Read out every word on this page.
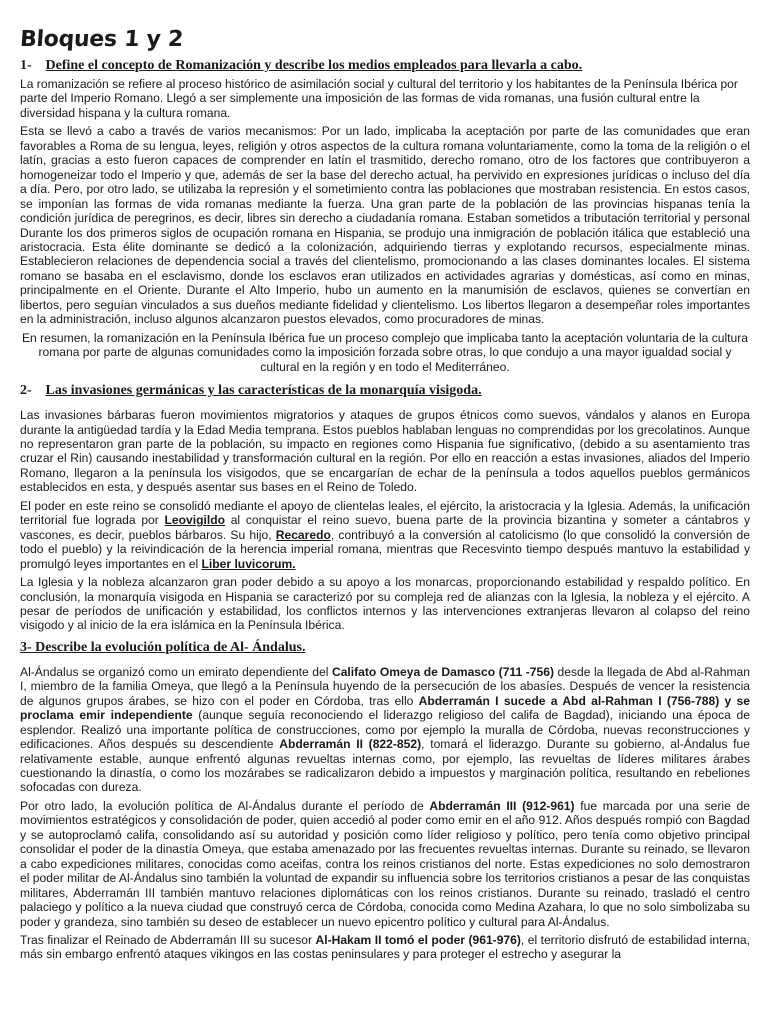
Bloques 1 y 2
1- Define el concepto de Romanización y describe los medios empleados para llevarla a cabo.

La romanización se refiere al proceso histórico de asimilación social y cultural del territorio y los habitantes de la Península Ibérica por parte del Imperio Romano. Llegó a ser simplemente una imposición de las formas de vida romanas, una fusión cultural entre la diversidad hispana y la cultura romana.

Esta se llevó a cabo a través de varios mecanismos: Por un lado, implicaba la aceptación por parte de las comunidades que eran favorables a Roma de su lengua, leyes, religión y otros aspectos de la cultura romana voluntariamente, como la toma de la religión o el latín, gracias a esto fueron capaces de comprender en latín el trasmitido, derecho romano, otro de los factores que contribuyeron a homogeneizar todo el Imperio y que, además de ser la base del derecho actual, ha pervivido en expresiones jurídicas o incluso del día a día. Pero, por otro lado, se utilizaba la represión y el sometimiento contra las poblaciones que mostraban resistencia. En estos casos, se imponían las formas de vida romanas mediante la fuerza. Una gran parte de la población de las provincias hispanas tenía la condición jurídica de peregrinos, es decir, libres sin derecho a ciudadanía romana. Estaban sometidos a tributación territorial y personal Durante los dos primeros siglos de ocupación romana en Hispania, se produjo una inmigración de población itálica que estableció una aristocracia. Esta élite dominante se dedicó a la colonización, adquiriendo tierras y explotando recursos, especialmente minas. Establecieron relaciones de dependencia social a través del clientelismo, promocionando a las clases dominantes locales. El sistema romano se basaba en el esclavismo, donde los esclavos eran utilizados en actividades agrarias y domésticas, así como en minas, principalmente en el Oriente. Durante el Alto Imperio, hubo un aumento en la manumisión de esclavos, quienes se convertían en libertos, pero seguían vinculados a sus dueños mediante fidelidad y clientelismo. Los libertos llegaron a desempeñar roles importantes en la administración, incluso algunos alcanzaron puestos elevados, como procuradores de minas.

En resumen, la romanización en la Península Ibérica fue un proceso complejo que implicaba tanto la aceptación voluntaria de la cultura romana por parte de algunas comunidades como la imposición forzada sobre otras, lo que condujo a una mayor igualdad social y cultural en la región y en todo el Mediterráneo.

2- Las invasiones germánicas y las características de la monarquía visigoda.

Las invasiones bárbaras fueron movimientos migratorios y ataques de grupos étnicos como suevos, vándalos y alanos en Europa durante la antigüedad tardía y la Edad Media temprana. Estos pueblos hablaban lenguas no comprendidas por los grecolatinos. Aunque no representaron gran parte de la población, su impacto en regiones como Hispania fue significativo, (debido a su asentamiento tras cruzar el Rin) causando inestabilidad y transformación cultural en la región. Por ello en reacción a estas invasiones, aliados del Imperio Romano, llegaron a la península los visigodos, que se encargarían de echar de la península a todos aquellos pueblos germánicos establecidos en esta, y después asentar sus bases en el Reino de Toledo.

El poder en este reino se consolidó mediante el apoyo de clientelas leales, el ejército, la aristocracia y la Iglesia. Además, la unificación territorial fue lograda por Leovigildo al conquistar el reino suevo, buena parte de la provincia bizantina y someter a cántabros y vascones, es decir, pueblos bárbaros. Su hijo, Recaredo, contribuyó a la conversión al catolicismo (lo que consolidó la conversión de todo el pueblo) y la reivindicación de la herencia imperial romana, mientras que Recesvinto tiempo después mantuvo la estabilidad y promulgó leyes importantes en el Liber luvicorum.

La Iglesia y la nobleza alcanzaron gran poder debido a su apoyo a los monarcas, proporcionando estabilidad y respaldo político. En conclusión, la monarquía visigoda en Hispania se caracterizó por su compleja red de alianzas con la Iglesia, la nobleza y el ejército. A pesar de períodos de unificación y estabilidad, los conflictos internos y las intervenciones extranjeras llevaron al colapso del reino visigodo y al inicio de la era islámica en la Península Ibérica.

3- Describe la evolución política de Al- Ándalus.

Al-Ándalus se organizó como un emirato dependiente del Califato Omeya de Damasco (711 -756) desde la llegada de Abd al-Rahman I, miembro de la familia Omeya, que llegó a la Península huyendo de la persecución de los abasíes. Después de vencer la resistencia de algunos grupos árabes, se hizo con el poder en Córdoba, tras ello Abderramán I sucede a Abd al-Rahman I (756-788) y se proclama emir independiente (aunque seguía reconociendo el liderazgo religioso del califa de Bagdad), iniciando una época de esplendor. Realizó una importante política de construcciones, como por ejemplo la muralla de Córdoba, nuevas reconstrucciones y edificaciones. Años después su descendiente Abderramán II (822-852), tomará el liderazgo. Durante su gobierno, al-Ándalus fue relativamente estable, aunque enfrentó algunas revueltas internas como, por ejemplo, las revueltas de líderes militares árabes cuestionando la dinastía, o como los mozárabes se radicalizaron debido a impuestos y marginación política, resultando en rebeliones sofocadas con dureza.

Por otro lado, la evolución política de Al-Ándalus durante el período de Abderramán III (912-961) fue marcada por una serie de movimientos estratégicos y consolidación de poder, quien accedió al poder como emir en el año 912. Años después rompió con Bagdad y se autoproclamó califa, consolidando así su autoridad y posición como líder religioso y político, pero tenía como objetivo principal consolidar el poder de la dinastía Omeya, que estaba amenazado por las frecuentes revueltas internas. Durante su reinado, se llevaron a cabo expediciones militares, conocidas como aceifas, contra los reinos cristianos del norte. Estas expediciones no solo demostraron el poder militar de Al-Ándalus sino también la voluntad de expandir su influencia sobre los territorios cristianos a pesar de las conquistas militares, Abderramán III también mantuvo relaciones diplomáticas con los reinos cristianos. Durante su reinado, trasladó el centro palaciego y político a la nueva ciudad que construyó cerca de Córdoba, conocida como Medina Azahara, lo que no solo simbolizaba su poder y grandeza, sino también su deseo de establecer un nuevo epicentro político y cultural para Al-Ándalus.

Tras finalizar el Reinado de Abderramán III su sucesor Al-Hakam II tomó el poder (961-976), el territorio disfrutó de estabilidad interna, más sin embargo enfrentó ataques vikingos en las costas peninsulares y para proteger el estrecho y asegurar la
